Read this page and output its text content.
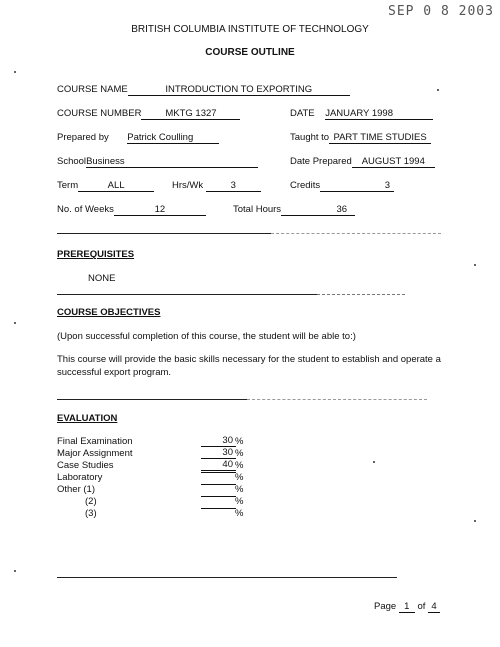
SEP 0 8 2003
BRITISH COLUMBIA INSTITUTE OF TECHNOLOGY
COURSE OUTLINE
COURSE NAME	INTRODUCTION TO EXPORTING
COURSE NUMBER	MKTG 1327	DATE JANUARY 1998
Prepared by Patrick Coulling	Taught to PART TIME STUDIES
SchoolBusiness	Date Prepared AUGUST 1994
Term	ALL	Hrs/Wk	3	Credits	3
No. of Weeks	12	Total Hours	36
PREREQUISITES
NONE
COURSE OBJECTIVES
(Upon successful completion of this course, the student will be able to:)
This course will provide the basic skills necessary for the student to establish and operate a successful export program.
EVALUATION
Final Examination	30 %
Major Assignment	30 %
Case Studies	40 %
Laboratory	%
Other (1)	%
(2)	%
(3)	%
Page 1 of 4
